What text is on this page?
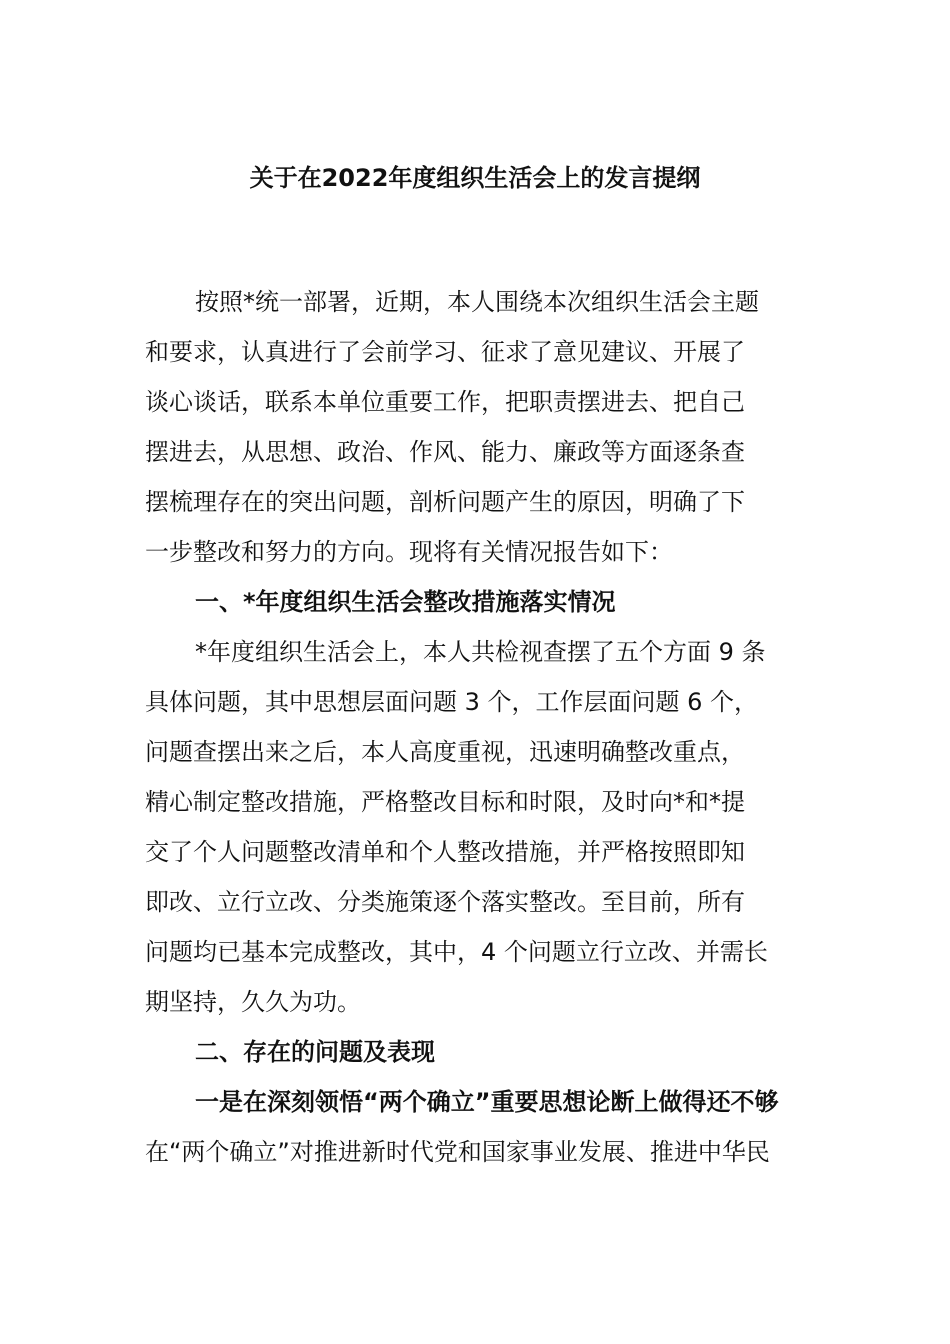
关于在2022年度组织生活会上的发言提纲

按照*统一部署，近期，本人围绕本次组织生活会主题

和要求，认真进行了会前学习、征求了意见建议、开展了

谈心谈话，联系本单位重要工作，把职责摆进去、把自己

摆进去，从思想、政治、作风、能力、廉政等方面逐条查

摆梳理存在的突出问题，剖析问题产生的原因，明确了下

一步整改和努力的方向。现将有关情况报告如下：

一、*年度组织生活会整改措施落实情况

*年度组织生活会上，本人共检视查摆了五个方面 9 条

具体问题，其中思想层面问题 3 个，工作层面问题 6 个，

问题查摆出来之后，本人高度重视，迅速明确整改重点，

精心制定整改措施，严格整改目标和时限，及时向*和*提

交了个人问题整改清单和个人整改措施，并严格按照即知

即改、立行立改、分类施策逐个落实整改。至目前，所有

问题均已基本完成整改，其中，4 个问题立行立改、并需长

期坚持，久久为功。

二、存在的问题及表现

一是在深刻领悟“两个确立”重要思想论断上做得还不够

在“两个确立”对推进新时代党和国家事业发展、推进中华民
